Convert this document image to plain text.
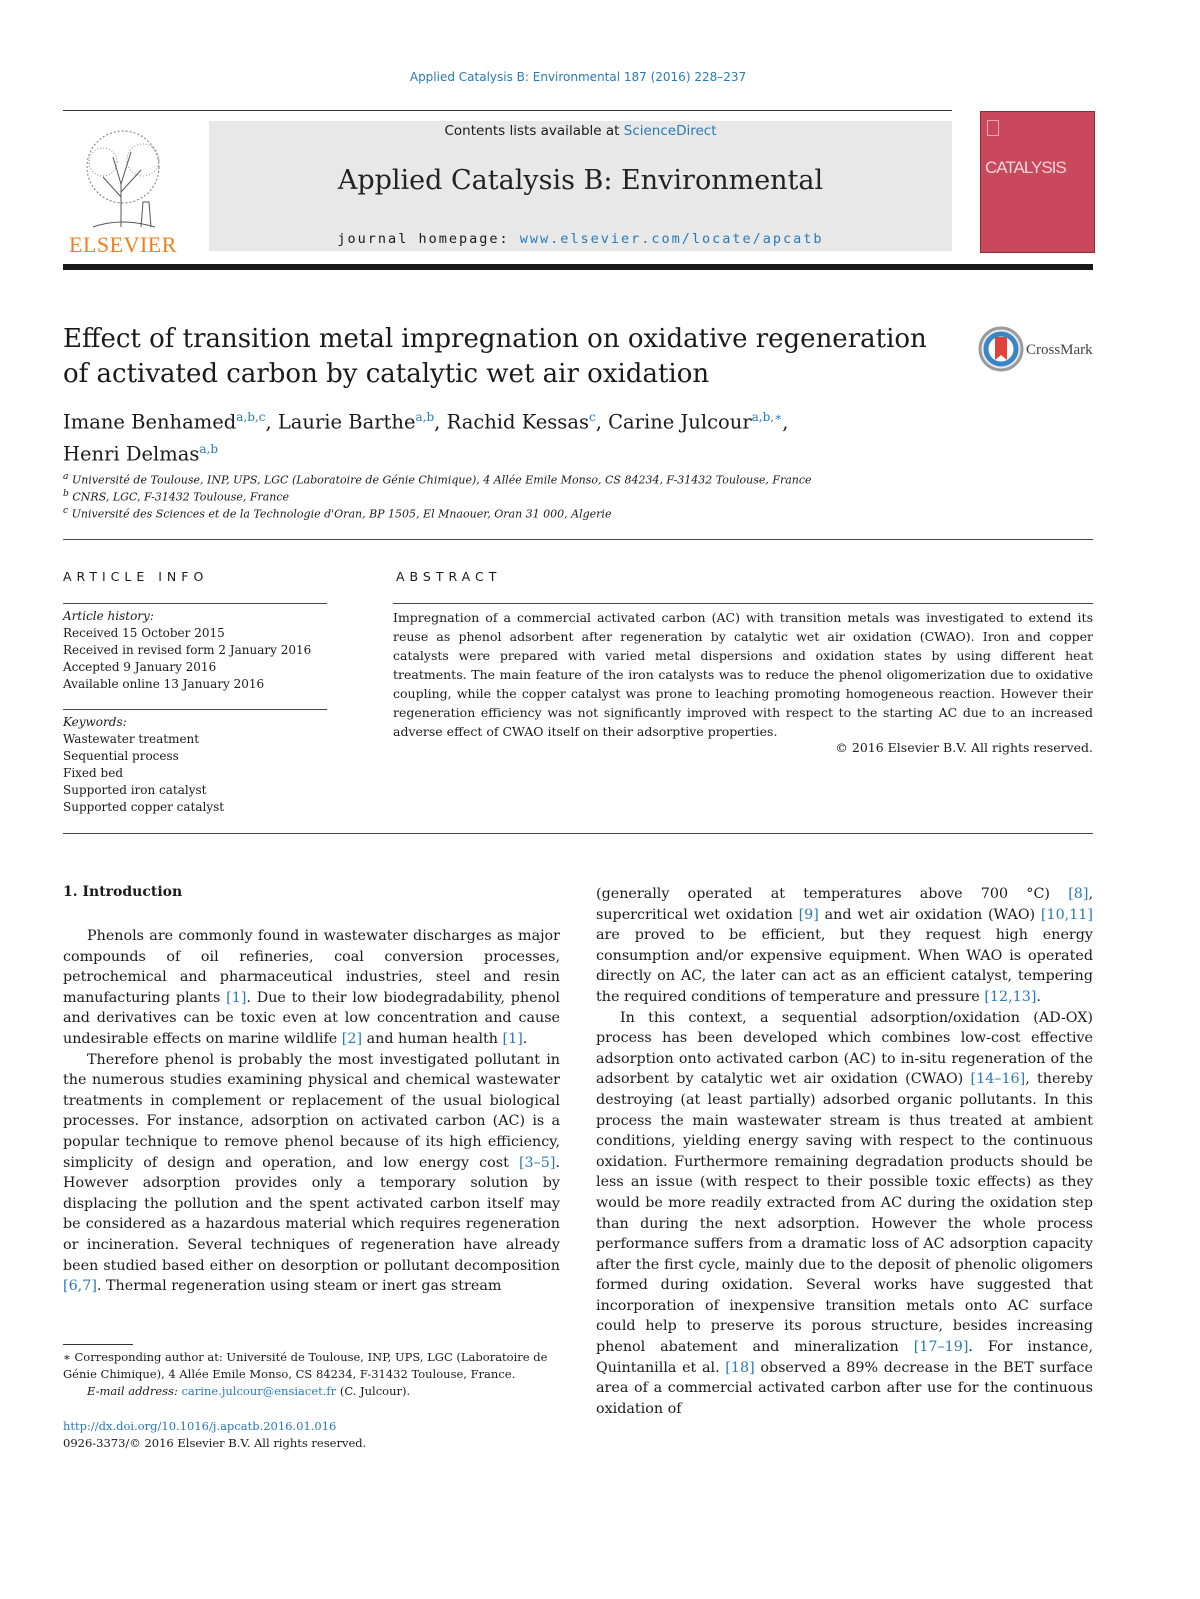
Applied Catalysis B: Environmental 187 (2016) 228–237
ELSEVIER
Contents lists available at ScienceDirect
Applied Catalysis B: Environmental
journal homepage: www.elsevier.com/locate/apcatb
CATALYSIS
Effect of transition metal impregnation on oxidative regeneration of activated carbon by catalytic wet air oxidation
CrossMark
Imane Benhamed$^{a,b,c}$, Laurie Barthe$^{a,b}$, Rachid Kessas$^c$, Carine Julcour$^{a,b,∗}$,
Henri Delmas$^{a,b}$
$^a$ Université de Toulouse, INP, UPS, LGC (Laboratoire de Génie Chimique), 4 Allée Emile Monso, CS 84234, F-31432 Toulouse, France
$^b$ CNRS, LGC, F-31432 Toulouse, France
$^c$ Université des Sciences et de la Technologie d'Oran, BP 1505, El Mnaouer, Oran 31 000, Algerie
ARTICLE INFO	ABSTRACT
Article history:
Received 15 October 2015
Received in revised form 2 January 2016
Accepted 9 January 2016
Available online 13 January 2016
Keywords:
Wastewater treatment
Sequential process
Fixed bed
Supported iron catalyst
Supported copper catalyst
Impregnation of a commercial activated carbon (AC) with transition metals was investigated to extend its reuse as phenol adsorbent after regeneration by catalytic wet air oxidation (CWAO). Iron and copper catalysts were prepared with varied metal dispersions and oxidation states by using different heat treatments. The main feature of the iron catalysts was to reduce the phenol oligomerization due to oxidative coupling, while the copper catalyst was prone to leaching promoting homogeneous reaction. However their regeneration efficiency was not significantly improved with respect to the starting AC due to an increased adverse effect of CWAO itself on their adsorptive properties.
© 2016 Elsevier B.V. All rights reserved.
1. Introduction

Phenols are commonly found in wastewater discharges as major compounds of oil refineries, coal conversion processes, petrochemical and pharmaceutical industries, steel and resin manufacturing plants [1]. Due to their low biodegradability, phenol and derivatives can be toxic even at low concentration and cause undesirable effects on marine wildlife [2] and human health [1].

Therefore phenol is probably the most investigated pollutant in the numerous studies examining physical and chemical wastewater treatments in complement or replacement of the usual biological processes. For instance, adsorption on activated carbon (AC) is a popular technique to remove phenol because of its high efficiency, simplicity of design and operation, and low energy cost [3–5]. However adsorption provides only a temporary solution by displacing the pollution and the spent activated carbon itself may be considered as a hazardous material which requires regeneration or incineration. Several techniques of regeneration have already been studied based either on desorption or pollutant decomposition [6,7]. Thermal regeneration using steam or inert gas stream

(generally operated at temperatures above 700 °C) [8], supercritical wet oxidation [9] and wet air oxidation (WAO) [10,11] are proved to be efficient, but they request high energy consumption and/or expensive equipment. When WAO is operated directly on AC, the later can act as an efficient catalyst, tempering the required conditions of temperature and pressure [12,13].

In this context, a sequential adsorption/oxidation (AD-OX) process has been developed which combines low-cost effective adsorption onto activated carbon (AC) to in-situ regeneration of the adsorbent by catalytic wet air oxidation (CWAO) [14–16], thereby destroying (at least partially) adsorbed organic pollutants. In this process the main wastewater stream is thus treated at ambient conditions, yielding energy saving with respect to the continuous oxidation. Furthermore remaining degradation products should be less an issue (with respect to their possible toxic effects) as they would be more readily extracted from AC during the oxidation step than during the next adsorption. However the whole process performance suffers from a dramatic loss of AC adsorption capacity after the first cycle, mainly due to the deposit of phenolic oligomers formed during oxidation. Several works have suggested that incorporation of inexpensive transition metals onto AC surface could help to preserve its porous structure, besides increasing phenol abatement and mineralization [17–19]. For instance, Quintanilla et al. [18] observed a 89% decrease in the BET surface area of a commercial activated carbon after use for the continuous oxidation of

∗ Corresponding author at: Université de Toulouse, INP, UPS, LGC (Laboratoire de Génie Chimique), 4 Allée Emile Monso, CS 84234, F-31432 Toulouse, France.
E-mail address: carine.julcour@ensiacet.fr (C. Julcour).
http://dx.doi.org/10.1016/j.apcatb.2016.01.016
0926-3373/© 2016 Elsevier B.V. All rights reserved.
